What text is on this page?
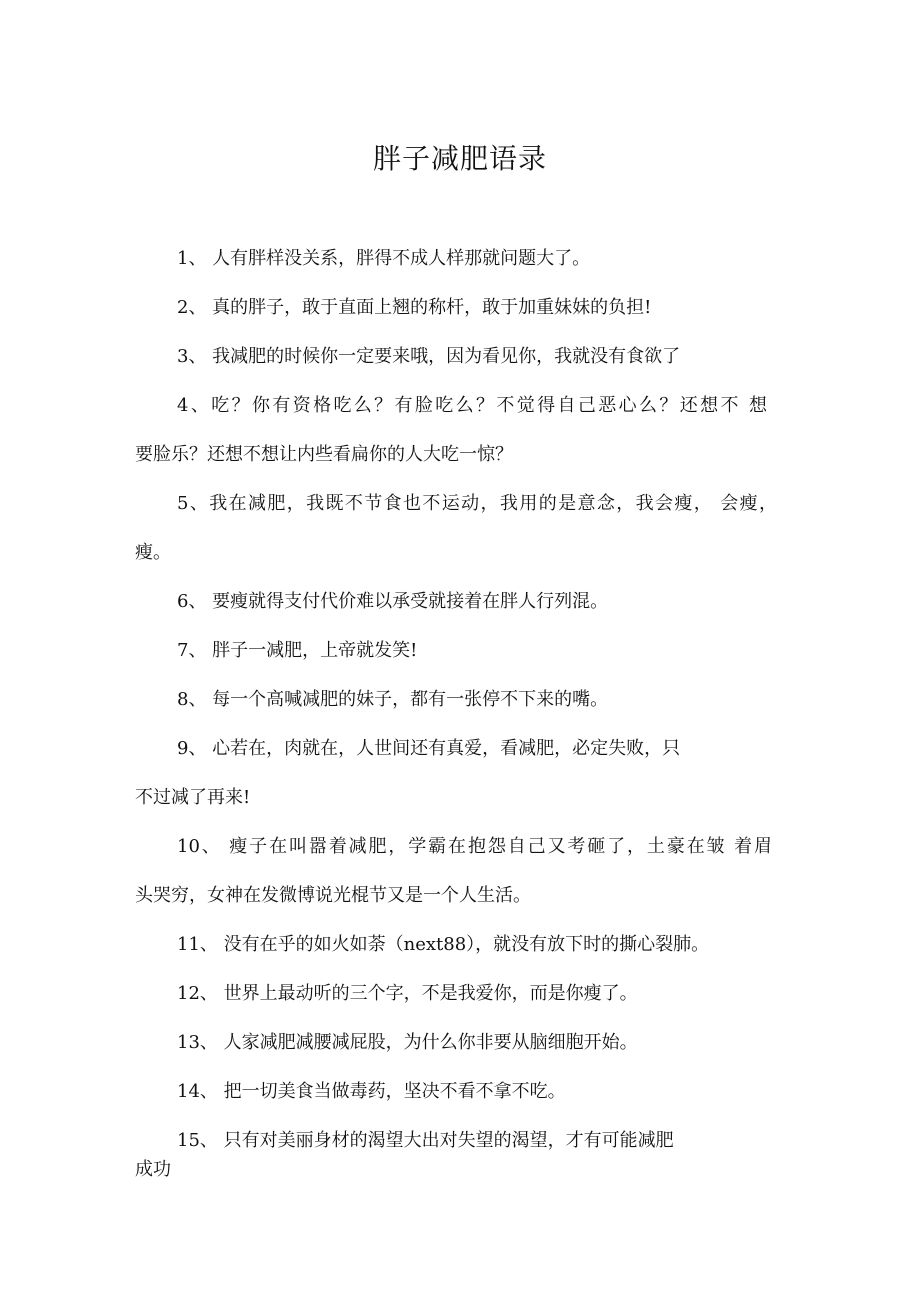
胖子减肥语录
1、 人有胖样没关系，胖得不成人样那就问题大了。
2、 真的胖子，敢于直面上翘的称杆，敢于加重妹妹的负担!
3、 我减肥的时候你一定要来哦，因为看见你，我就没有食欲了
4、吃？你有资格吃么？有脸吃么？不觉得自己恶心么？还想不 想
要脸乐？还想不想让内些看扁你的人大吃一惊？
5、我在减肥，我既不节食也不运动，我用的是意念，我会瘦， 会瘦，
瘦。
6、 要瘦就得支付代价难以承受就接着在胖人行列混。
7、 胖子一减肥，上帝就发笑!
8、 每一个高喊减肥的妹子，都有一张停不下来的嘴。
9、 心若在，肉就在，人世间还有真爱，看减肥，必定失败，只
不过减了再来!
10、 瘦子在叫嚣着减肥，学霸在抱怨自己又考砸了，土豪在皱 着眉
头哭穷，女神在发微博说光棍节又是一个人生活。
11、 没有在乎的如火如荼（next88），就没有放下时的撕心裂肺。
12、 世界上最动听的三个字，不是我爱你，而是你瘦了。
13、 人家减肥减腰减屁股，为什么你非要从脑细胞开始。
14、 把一切美食当做毒药，坚决不看不拿不吃。
15、 只有对美丽身材的渴望大出对失望的渴望，才有可能减肥
成功
